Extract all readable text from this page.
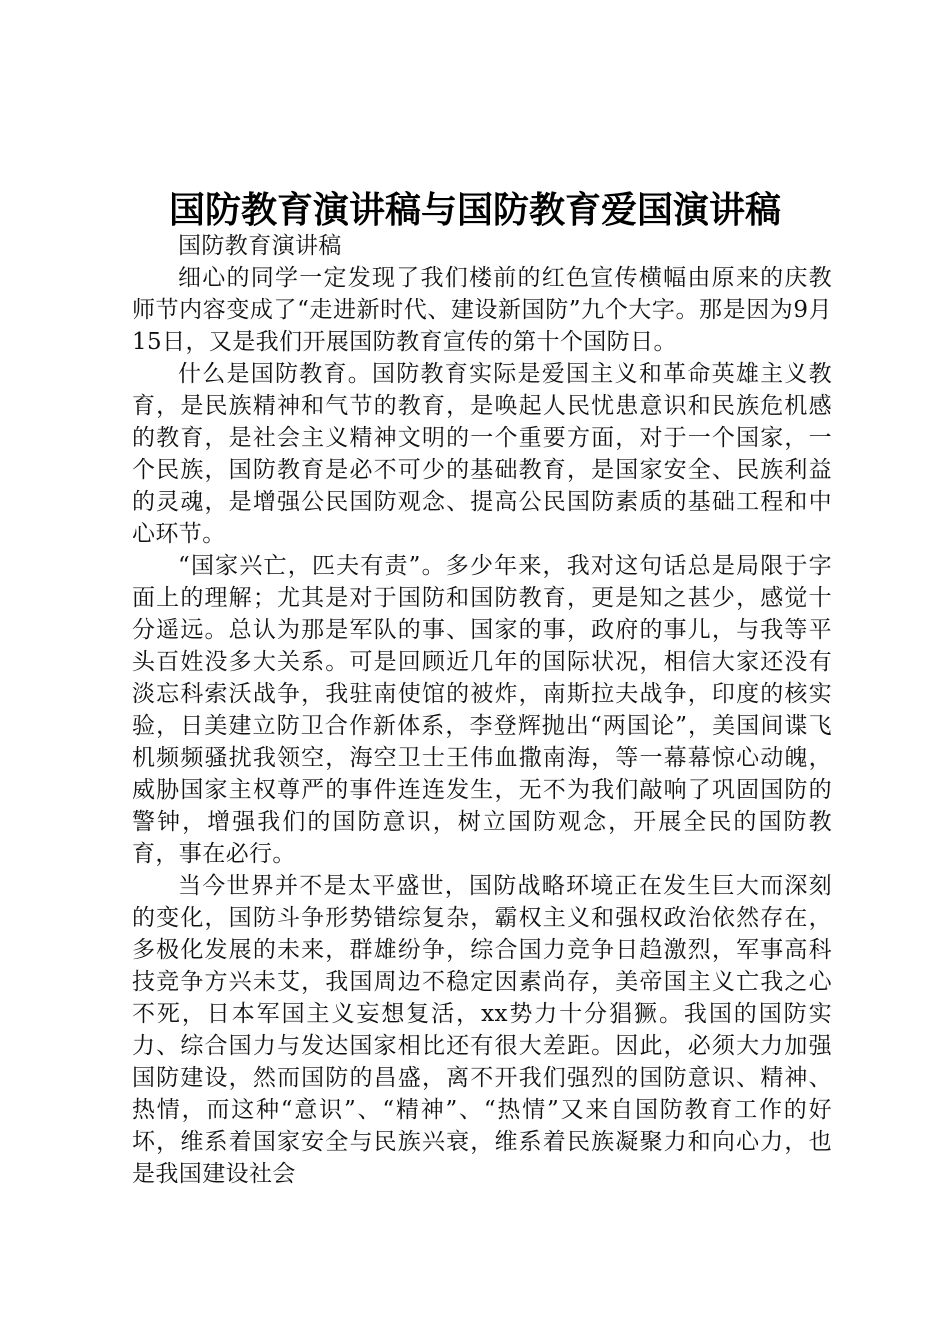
国防教育演讲稿与国防教育爱国演讲稿

国防教育演讲稿

细心的同学一定发现了我们楼前的红色宣传横幅由原来的庆教师节内容变成了“走进新时代、建设新国防”九个大字。那是因为9月15日，又是我们开展国防教育宣传的第十个国防日。

什么是国防教育。国防教育实际是爱国主义和革命英雄主义教育，是民族精神和气节的教育，是唤起人民忧患意识和民族危机感的教育，是社会主义精神文明的一个重要方面，对于一个国家，一个民族，国防教育是必不可少的基础教育，是国家安全、民族利益的灵魂，是增强公民国防观念、提高公民国防素质的基础工程和中心环节。

“国家兴亡，匹夫有责”。多少年来，我对这句话总是局限于字面上的理解；尤其是对于国防和国防教育，更是知之甚少，感觉十分遥远。总认为那是军队的事、国家的事，政府的事儿，与我等平头百姓没多大关系。可是回顾近几年的国际状况，相信大家还没有淡忘科索沃战争，我驻南使馆的被炸，南斯拉夫战争，印度的核实验，日美建立防卫合作新体系，李登辉抛出“两国论”，美国间谍飞机频频骚扰我领空，海空卫士王伟血撒南海，等一幕幕惊心动魄，威胁国家主权尊严的事件连连发生，无不为我们敲响了巩固国防的警钟，增强我们的国防意识，树立国防观念，开展全民的国防教育，事在必行。

当今世界并不是太平盛世，国防战略环境正在发生巨大而深刻的变化，国防斗争形势错综复杂，霸权主义和强权政治依然存在，多极化发展的未来，群雄纷争，综合国力竞争日趋激烈，军事高科技竞争方兴未艾，我国周边不稳定因素尚存，美帝国主义亡我之心不死，日本军国主义妄想复活，xx势力十分猖獗。我国的国防实力、综合国力与发达国家相比还有很大差距。因此，必须大力加强国防建设，然而国防的昌盛，离不开我们强烈的国防意识、精神、热情，而这种“意识”、“精神”、“热情”又来自国防教育工作的好坏，维系着国家安全与民族兴衰，维系着民族凝聚力和向心力，也是我国建设社会
